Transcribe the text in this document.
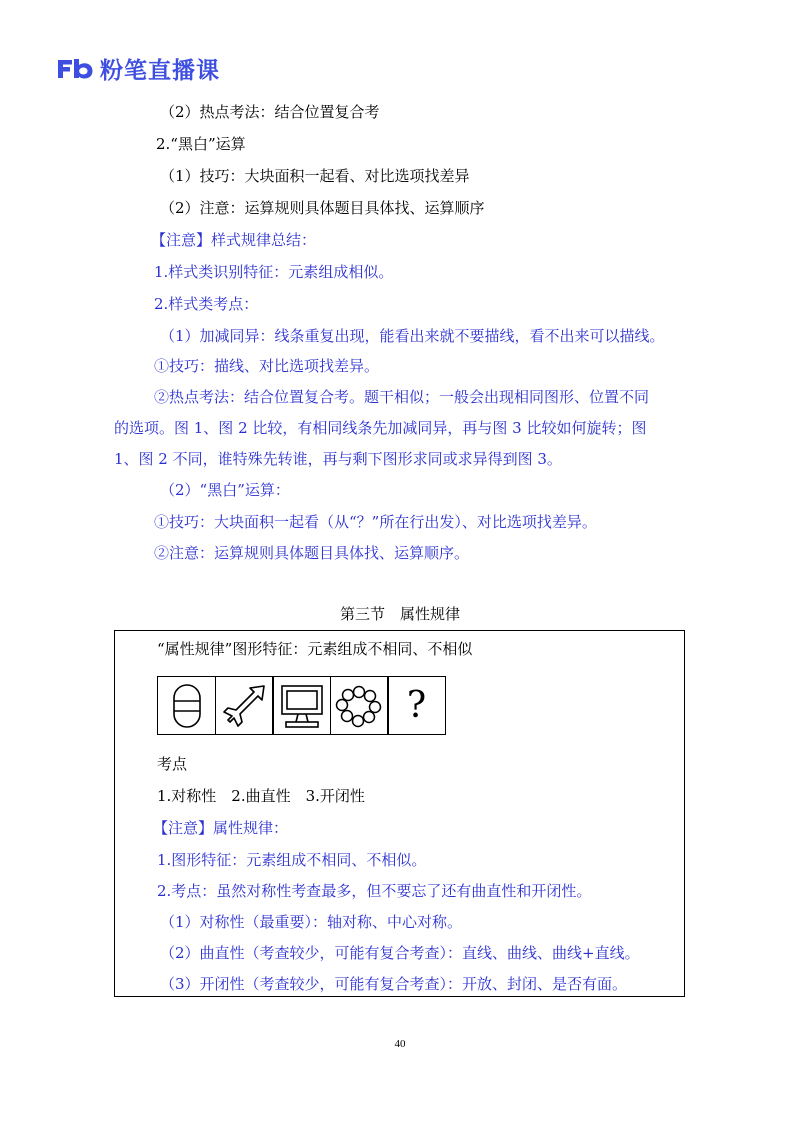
粉笔直播课
（2）热点考法：结合位置复合考
2.“黑白”运算
（1）技巧：大块面积一起看、对比选项找差异
（2）注意：运算规则具体题目具体找、运算顺序
【注意】样式规律总结：
1.样式类识别特征：元素组成相似。
2.样式类考点：
（1）加减同异：线条重复出现，能看出来就不要描线，看不出来可以描线。
①技巧：描线、对比选项找差异。
②热点考法：结合位置复合考。题干相似；一般会出现相同图形、位置不同
的选项。图 1、图 2 比较，有相同线条先加减同异，再与图 3 比较如何旋转；图
1、图 2 不同，谁特殊先转谁，再与剩下图形求同或求异得到图 3。
（2）“黑白”运算：
①技巧：大块面积一起看（从“？”所在行出发）、对比选项找差异。
②注意：运算规则具体题目具体找、运算顺序。
第三节　属性规律
“属性规律”图形特征：元素组成不相同、不相似
?
考点
1.对称性　2.曲直性　3.开闭性
【注意】属性规律：
1.图形特征：元素组成不相同、不相似。
2.考点：虽然对称性考查最多，但不要忘了还有曲直性和开闭性。
（1）对称性（最重要）：轴对称、中心对称。
（2）曲直性（考查较少，可能有复合考查）：直线、曲线、曲线+直线。
（3）开闭性（考查较少，可能有复合考查）：开放、封闭、是否有面。
40
